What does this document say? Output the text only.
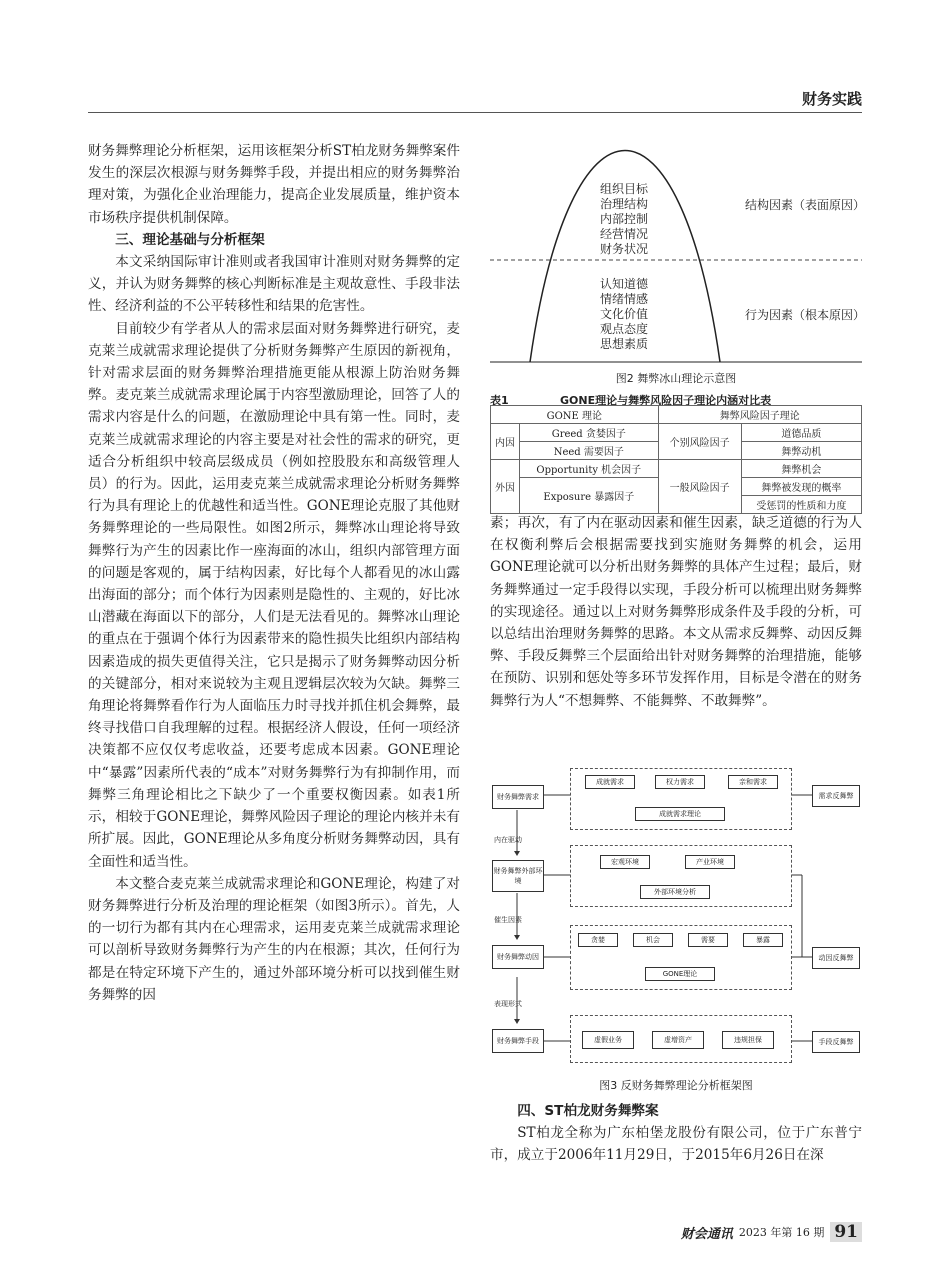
财务实践

财务舞弊理论分析框架，运用该框架分析ST柏龙财务舞弊案件发生的深层次根源与财务舞弊手段，并提出相应的财务舞弊治理对策，为强化企业治理能力，提高企业发展质量，维护资本市场秩序提供机制保障。

三、理论基础与分析框架

本文采纳国际审计准则或者我国审计准则对财务舞弊的定义，并认为财务舞弊的核心判断标准是主观故意性、手段非法性、经济利益的不公平转移性和结果的危害性。

目前较少有学者从人的需求层面对财务舞弊进行研究，麦克莱兰成就需求理论提供了分析财务舞弊产生原因的新视角，针对需求层面的财务舞弊治理措施更能从根源上防治财务舞弊。麦克莱兰成就需求理论属于内容型激励理论，回答了人的需求内容是什么的问题，在激励理论中具有第一性。同时，麦克莱兰成就需求理论的内容主要是对社会性的需求的研究，更适合分析组织中较高层级成员（例如控股股东和高级管理人员）的行为。因此，运用麦克莱兰成就需求理论分析财务舞弊行为具有理论上的优越性和适当性。GONE理论克服了其他财务舞弊理论的一些局限性。如图2所示，舞弊冰山理论将导致舞弊行为产生的因素比作一座海面的冰山，组织内部管理方面的问题是客观的，属于结构因素，好比每个人都看见的冰山露出海面的部分；而个体行为因素则是隐性的、主观的，好比冰山潜藏在海面以下的部分，人们是无法看见的。舞弊冰山理论的重点在于强调个体行为因素带来的隐性损失比组织内部结构因素造成的损失更值得关注，它只是揭示了财务舞弊动因分析的关键部分，相对来说较为主观且逻辑层次较为欠缺。舞弊三角理论将舞弊看作行为人面临压力时寻找并抓住机会舞弊，最终寻找借口自我理解的过程。根据经济人假设，任何一项经济决策都不应仅仅考虑收益，还要考虑成本因素。GONE理论中“暴露”因素所代表的“成本”对财务舞弊行为有抑制作用，而舞弊三角理论相比之下缺少了一个重要权衡因素。如表1所示，相较于GONE理论，舞弊风险因子理论的理论内核并未有所扩展。因此，GONE理论从多角度分析财务舞弊动因，具有全面性和适当性。

本文整合麦克莱兰成就需求理论和GONE理论，构建了对财务舞弊进行分析及治理的理论框架（如图3所示）。首先，人的一切行为都有其内在心理需求，运用麦克莱兰成就需求理论可以剖析导致财务舞弊行为产生的内在根源；其次，任何行为都是在特定环境下产生的，通过外部环境分析可以找到催生财务舞弊的因

组织目标
治理结构
内部控制
经营情况
财务状况
认知道德
情绪情感
文化价值
观点态度
思想素质
结构因素（表面原因）
行为因素（根本原因）
图2 舞弊冰山理论示意图
表1	GONE理论与舞弊风险因子理论内涵对比表
GONE 理论		舞弊风险因子理论	
内因	Greed 贪婪因子	个别风险因子	道德品质
	Need 需要因子		舞弊动机
外因	Opportunity 机会因子	一般风险因子	舞弊机会
	Exposure 暴露因子		舞弊被发现的概率
			受惩罚的性质和力度

素；再次，有了内在驱动因素和催生因素，缺乏道德的行为人在权衡利弊后会根据需要找到实施财务舞弊的机会，运用GONE理论就可以分析出财务舞弊的具体产生过程；最后，财务舞弊通过一定手段得以实现，手段分析可以梳理出财务舞弊的实现途径。通过以上对财务舞弊形成条件及手段的分析，可以总结出治理财务舞弊的思路。本文从需求反舞弊、动因反舞弊、手段反舞弊三个层面给出针对财务舞弊的治理措施，能够在预防、识别和惩处等多环节发挥作用，目标是令潜在的财务舞弊行为人“不想舞弊、不能舞弊、不敢舞弊”。

财务舞弊需求
财务舞弊外部环境
财务舞弊动因
财务舞弊手段
内在驱动
催生因素
表现形式
需求反舞弊
动因反舞弊
手段反舞弊
成就需求	权力需求	亲和需求
成就需求理论
宏观环境	产业环境
外部环境分析
贪婪	机会	需要	暴露
GONE理论
虚假业务	虚增资产	违规担保
图3 反财务舞弊理论分析框架图
四、ST柏龙财务舞弊案

ST柏龙全称为广东柏堡龙股份有限公司，位于广东普宁市，成立于2006年11月29日，于2015年6月26日在深

财会通讯 2023 年第 16 期 91
